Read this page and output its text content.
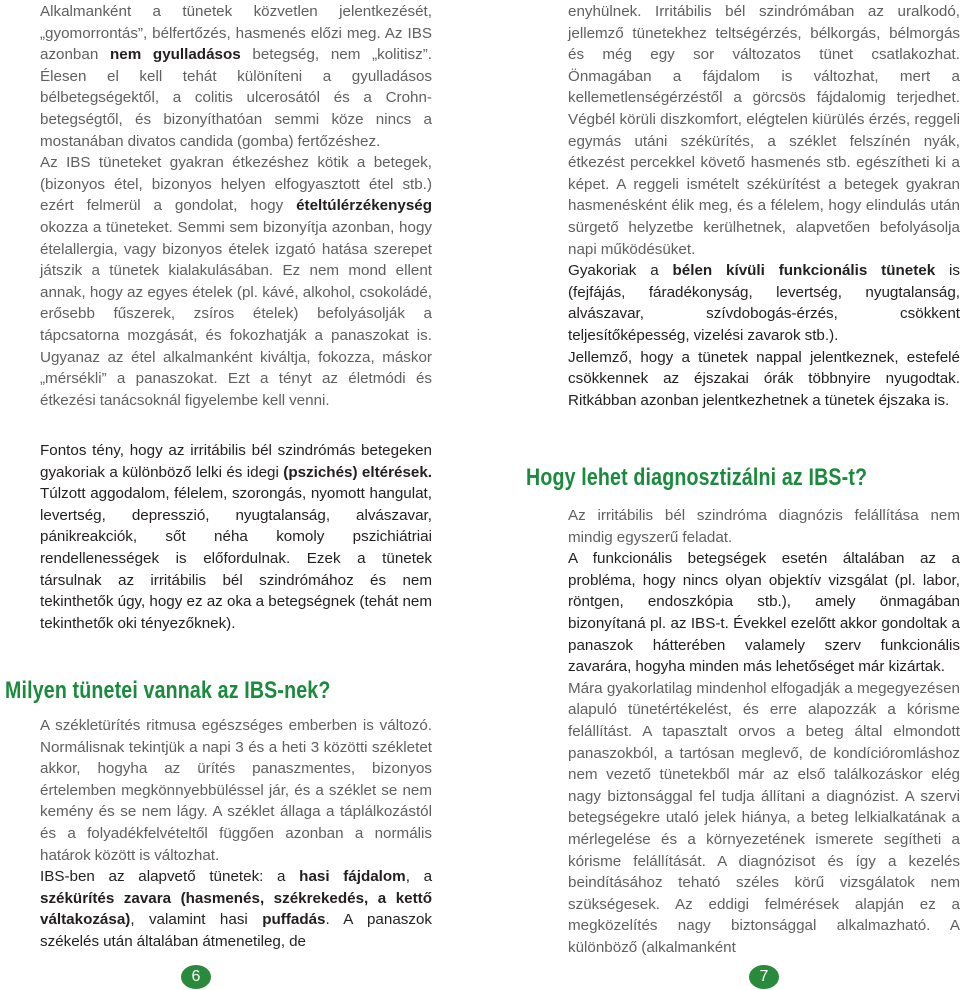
Alkalmanként a tünetek közvetlen jelentkezését, „gyomorrontás”, bélfertőzés, hasmenés előzi meg. Az IBS azonban nem gyulladásos betegség, nem „kolitisz”. Élesen el kell tehát különíteni a gyulladásos bélbetegségektől, a colitis ulcerosától és a Crohn-betegségtől, és bizonyíthatóan semmi köze nincs a mostanában divatos candida (gomba) fertőzéshez.

Az IBS tüneteket gyakran étkezéshez kötik a betegek, (bizonyos étel, bizonyos helyen elfogyasztott étel stb.) ezért felmerül a gondolat, hogy ételtúlérzékenység okozza a tüneteket. Semmi sem bizonyítja azonban, hogy ételallergia, vagy bizonyos ételek izgató hatása szerepet játszik a tünetek kialakulásában. Ez nem mond ellent annak, hogy az egyes ételek (pl. kávé, alkohol, csokoládé, erősebb fűszerek, zsíros ételek) befolyásolják a tápcsatorna mozgását, és fokozhatják a panaszokat is. Ugyanaz az étel alkalmanként kiváltja, fokozza, máskor „mérsékli” a panaszokat. Ezt a tényt az életmódi és étkezési tanácsoknál figyelembe kell venni.

Fontos tény, hogy az irritábilis bél szindrómás betegeken gyakoriak a különböző lelki és idegi (pszichés) eltérések. Túlzott aggodalom, félelem, szorongás, nyomott hangulat, levertség, depresszió, nyugtalanság, alvászavar, pánikreakciók, sőt néha komoly pszichiátriai rendellenességek is előfordulnak. Ezek a tünetek társulnak az irritábilis bél szindrómához és nem tekinthetők úgy, hogy ez az oka a betegségnek (tehát nem tekinthetők oki tényezőknek).

Milyen tünetei vannak az IBS-nek?

A székletürítés ritmusa egészséges emberben is változó. Normálisnak tekintjük a napi 3 és a heti 3 közötti székletet akkor, hogyha az ürítés panaszmentes, bizonyos értelemben megkönnyebbüléssel jár, és a széklet se nem kemény és se nem lágy. A széklet állaga a táplálkozástól és a folyadékfelvételtől függően azonban a normális határok között is változhat.

IBS-ben az alapvető tünetek: a hasi fájdalom, a székürítés zavara (hasmenés, székrekedés, a kettő váltakozása), valamint hasi puffadás. A panaszok székelés után általában átmenetileg, de

6

enyhülnek. Irritábilis bél szindrómában az uralkodó, jellemző tünetekhez teltségérzés, bélkorgás, bélmorgás és még egy sor változatos tünet csatlakozhat. Önmagában a fájdalom is változhat, mert a kellemetlenségérzéstől a görcsös fájdalomig terjedhet. Végbél körüli diszkomfort, elégtelen kiürülés érzés, reggeli egymás utáni székürítés, a széklet felszínén nyák, étkezést percekkel követő hasmenés stb. egészítheti ki a képet. A reggeli ismételt székürítést a betegek gyakran hasmenésként élik meg, és a félelem, hogy elindulás után sürgető helyzetbe kerülhetnek, alapvetően befolyásolja napi működésüket.

Gyakoriak a bélen kívüli funkcionális tünetek is (fejfájás, fáradékonyság, levertség, nyugtalanság, alvászavar, szívdobogás-érzés, csökkent teljesítőképesség, vizelési zavarok stb.).

Jellemző, hogy a tünetek nappal jelentkeznek, estefelé csökkennek az éjszakai órák többnyire nyugodtak. Ritkábban azonban jelentkezhetnek a tünetek éjszaka is.

Hogy lehet diagnosztizálni az IBS-t?

Az irritábilis bél szindróma diagnózis felállítása nem mindig egyszerű feladat.

A funkcionális betegségek esetén általában az a probléma, hogy nincs olyan objektív vizsgálat (pl. labor, röntgen, endoszkópia stb.), amely önmagában bizonyítaná pl. az IBS-t. Évekkel ezelőtt akkor gondoltak a panaszok hátterében valamely szerv funkcionális zavarára, hogyha minden más lehetőséget már kizártak.

Mára gyakorlatilag mindenhol elfogadják a megegyezésen alapuló tünetértékelést, és erre alapozzák a kórisme felállítást. A tapasztalt orvos a beteg által elmondott panaszokból, a tartósan meglevő, de kondícióromláshoz nem vezető tünetekből már az első találkozáskor elég nagy biztonsággal fel tudja állítani a diagnózist. A szervi betegségekre utaló jelek hiánya, a beteg lelkialkatának a mérlegelése és a környezetének ismerete segítheti a kórisme felállítását. A diagnózisot és így a kezelés beindításához teható széles körű vizsgálatok nem szükségesek. Az eddigi felmérések alapján ez a megközelítés nagy biztonsággal alkalmazható. A különböző (alkalmanként

7
